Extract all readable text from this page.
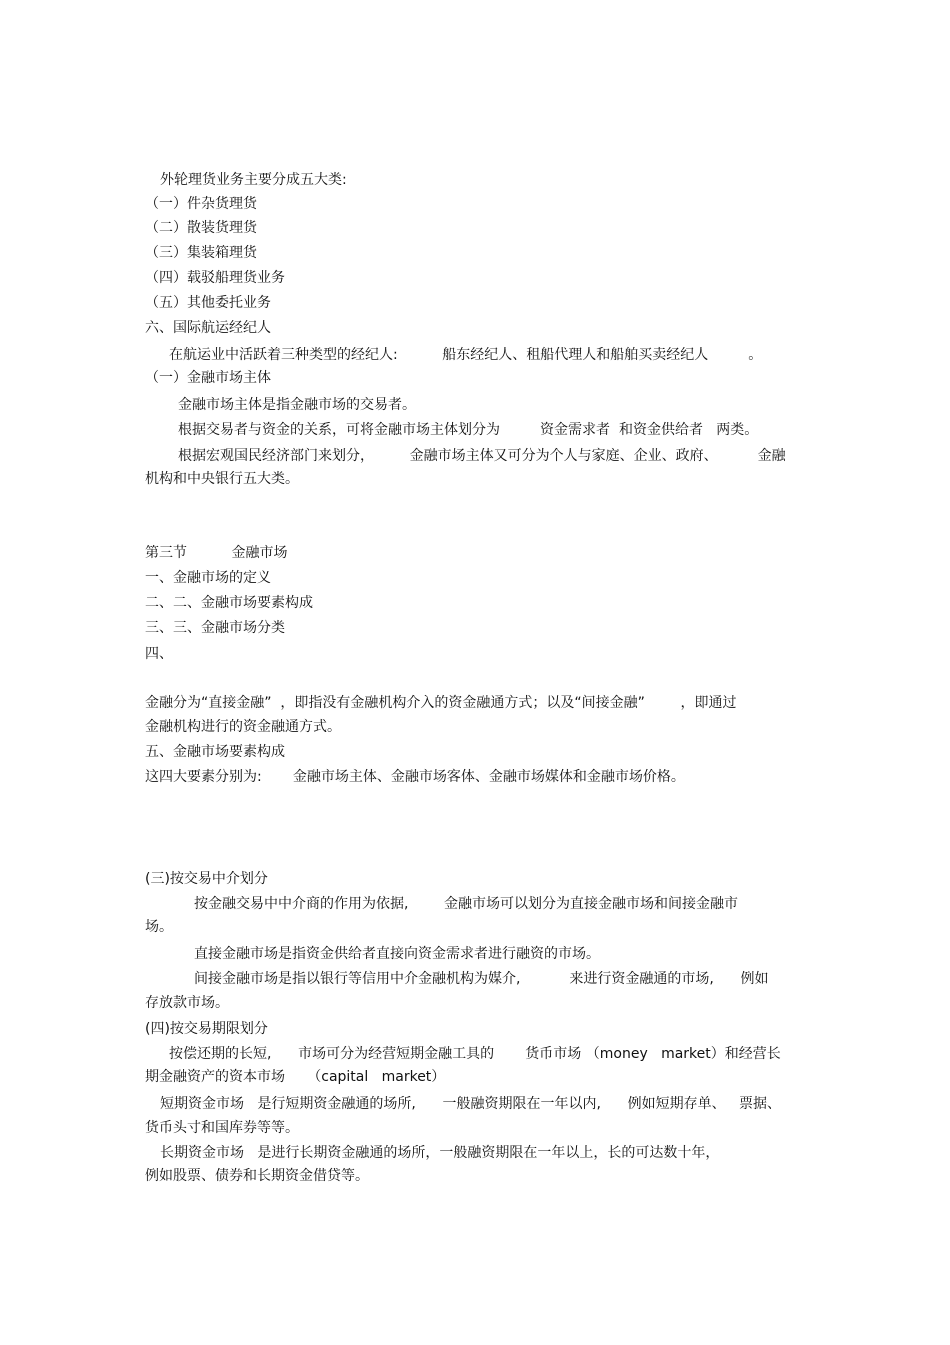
外轮理货业务主要分成五大类:
（一）件杂货理货
（二）散装货理货
（三）集装箱理货
（四）载驳船理货业务
（五）其他委托业务
六、国际航运经纪人
在航运业中活跃着三种类型的经纪人:          船东经纪人、租船代理人和船舶买卖经纪人         。
（一）金融市场主体
金融市场主体是指金融市场的交易者。
根据交易者与资金的关系，可将金融市场主体划分为         资金需求者  和资金供给者   两类。
根据宏观国民经济部门来划分，        金融市场主体又可分为个人与家庭、企业、政府、         金融
机构和中央银行五大类。
第三节          金融市场
一、金融市场的定义
二、二、金融市场要素构成
三、三、金融市场分类
四、
金融分为“直接金融”  ，即指没有金融机构介入的资金融通方式；以及“间接金融”        ，即通过
金融机构进行的资金融通方式。
五、金融市场要素构成
这四大要素分别为:       金融市场主体、金融市场客体、金融市场媒体和金融市场价格。
(三)按交易中介划分
按金融交易中中介商的作用为依据,        金融市场可以划分为直接金融市场和间接金融市
场。
直接金融市场是指资金供给者直接向资金需求者进行融资的市场。
间接金融市场是指以银行等信用中介金融机构为媒介,           来进行资金融通的市场,      例如
存放款市场。
(四)按交易期限划分
按偿还期的长短,      市场可分为经营短期金融工具的       货币市场 （money   market）和经营长
期金融资产的资本市场     （capital   market）
短期资金市场   是行短期资金融通的场所,      一般融资期限在一年以内,      例如短期存单、   票据、
货币头寸和国库券等等。
长期资金市场   是进行长期资金融通的场所，一般融资期限在一年以上，长的可达数十年，
例如股票、债券和长期资金借贷等。
